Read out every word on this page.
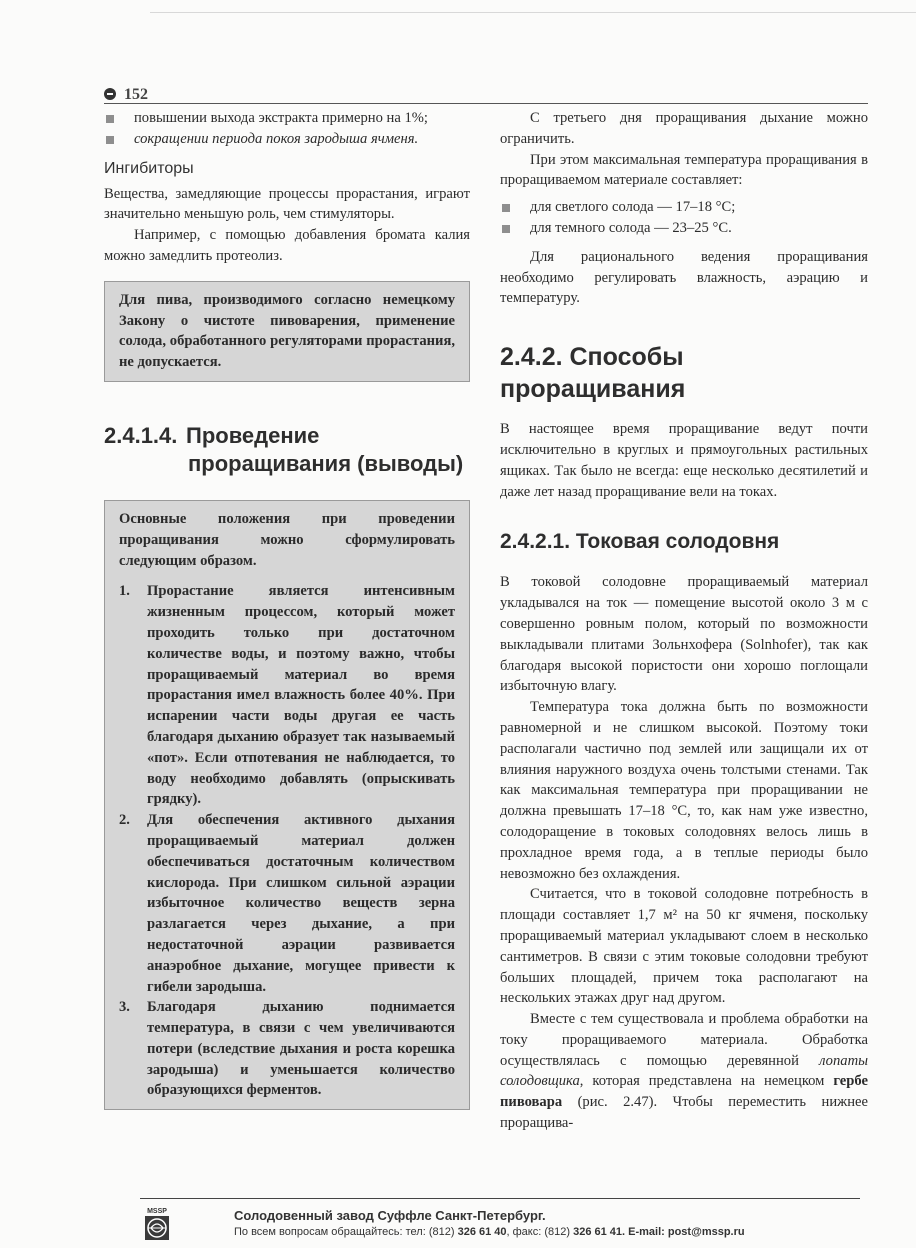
152
повышении выхода экстракта примерно на 1%;
сокращении периода покоя зародыша ячменя.
Ингибиторы

Вещества, замедляющие процессы прорастания, играют значительно меньшую роль, чем стимуляторы.

Например, с помощью добавления бромата калия можно замедлить протеолиз.

Для пива, производимого согласно немецкому Закону о чистоте пивоварения, применение солода, обработанного регуляторами прорастания, не допускается.

2.4.1.4. Проведение
проращивания (выводы)

Основные положения при проведении проращивания можно сформулировать следующим образом.

1. Прорастание является интенсивным жизненным процессом, который может проходить только при достаточном количестве воды, и поэтому важно, чтобы проращиваемый материал во время прорастания имел влажность более 40%. При испарении части воды другая ее часть благодаря дыханию образует так называемый «пот». Если отпотевания не наблюдается, то воду необходимо добавлять (опрыскивать грядку).
2. Для обеспечения активного дыхания проращиваемый материал должен обеспечиваться достаточным количеством кислорода. При слишком сильной аэрации избыточное количество веществ зерна разлагается через дыхание, а при недостаточной аэрации развивается анаэробное дыхание, могущее привести к гибели зародыша.
3. Благодаря дыханию поднимается температура, в связи с чем увеличиваются потери (вследствие дыхания и роста корешка зародыша) и уменьшается количество образующихся ферментов.

С третьего дня проращивания дыхание можно ограничить.

При этом максимальная температура проращивания в проращиваемом материале составляет:

для светлого солода — 17–18 °С;
для темного солода — 23–25 °С.

Для рационального ведения проращивания необходимо регулировать влажность, аэрацию и температуру.

2.4.2. Способы проращивания

В настоящее время проращивание ведут почти исключительно в круглых и прямоугольных растильных ящиках. Так было не всегда: еще несколько десятилетий и даже лет назад проращивание вели на токах.

2.4.2.1. Токовая солодовня

В токовой солодовне проращиваемый материал укладывался на ток — помещение высотой около 3 м с совершенно ровным полом, который по возможности выкладывали плитами Зольнхофера (Solnhofer), так как благодаря высокой пористости они хорошо поглощали избыточную влагу.

Температура тока должна быть по возможности равномерной и не слишком высокой. Поэтому токи располагали частично под землей или защищали их от влияния наружного воздуха очень толстыми стенами. Так как максимальная температура при проращивании не должна превышать 17–18 °С, то, как нам уже известно, солодоращение в токовых солодовнях велось лишь в прохладное время года, а в теплые периоды было невозможно без охлаждения.

Считается, что в токовой солодовне потребность в площади составляет 1,7 м² на 50 кг ячменя, поскольку проращиваемый материал укладывают слоем в несколько сантиметров. В связи с этим токовые солодовни требуют больших площадей, причем тока располагают на нескольких этажах друг над другом.

Вместе с тем существовала и проблема обработки на току проращиваемого материала. Обработка осуществлялась с помощью деревянной лопаты солодовщика, которая представлена на немецком гербе пивовара (рис. 2.47). Чтобы переместить нижнее проращива-

MSSP	Солодовенный завод Суффле Санкт-Петербург.
По всем вопросам обращайтесь: тел: (812) 326 61 40, факс: (812) 326 61 41. E-mail: post@mssp.ru
